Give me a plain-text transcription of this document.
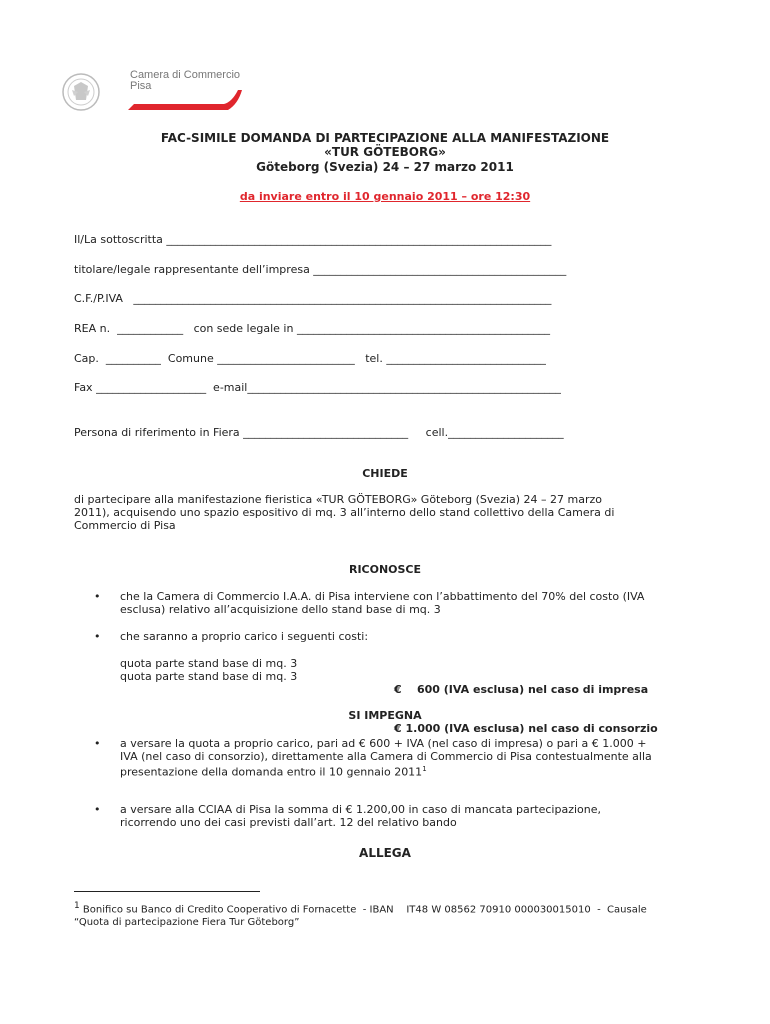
Camera di Commercio
Pisa
FAC-SIMILE DOMANDA DI PARTECIPAZIONE ALLA MANIFESTAZIONE
«TUR GÖTEBORG»
Göteborg (Svezia) 24 – 27 marzo 2011
da inviare entro il 10 gennaio 2011 – ore 12:30
Il/La sottoscritta ______________________________________________________________________
titolare/legale rappresentante dell’impresa ______________________________________________
C.F./P.IVA   ____________________________________________________________________________
REA n.  ____________   con sede legale in ______________________________________________
Cap.  __________  Comune _________________________   tel. _____________________________
Fax ____________________  e-mail_________________________________________________________
Persona di riferimento in Fiera ______________________________     cell._____________________
CHIEDE
di partecipare alla manifestazione fieristica «TUR GÖTEBORG» Göteborg (Svezia) 24 – 27 marzo
2011), acquisendo uno spazio espositivo di mq. 3 all’interno dello stand collettivo della Camera di
Commercio di Pisa
RICONOSCE
• che la Camera di Commercio I.A.A. di Pisa interviene con l’abbattimento del 70% del costo (IVA
esclusa) relativo all’acquisizione dello stand base di mq. 3
• che saranno a proprio carico i seguenti costi:
quota parte stand base di mq. 3
quota parte stand base di mq. 3

€    600 (IVA esclusa) nel caso di impresa

€ 1.000 (IVA esclusa) nel caso di consorzio

SI IMPEGNA
• a versare la quota a proprio carico, pari ad € 600 + IVA (nel caso di impresa) o pari a € 1.000 +
IVA (nel caso di consorzio), direttamente alla Camera di Commercio di Pisa contestualmente alla
presentazione della domanda entro il 10 gennaio 2011$^1$
• a versare alla CCIAA di Pisa la somma di € 1.200,00 in caso di mancata partecipazione,
ricorrendo uno dei casi previsti dall’art. 12 del relativo bando
ALLEGA
$^1$ Bonifico su Banco di Credito Cooperativo di Fornacette  - IBAN    IT48 W 08562 70910 000030015010  -  Causale
“Quota di partecipazione Fiera Tur Göteborg”
